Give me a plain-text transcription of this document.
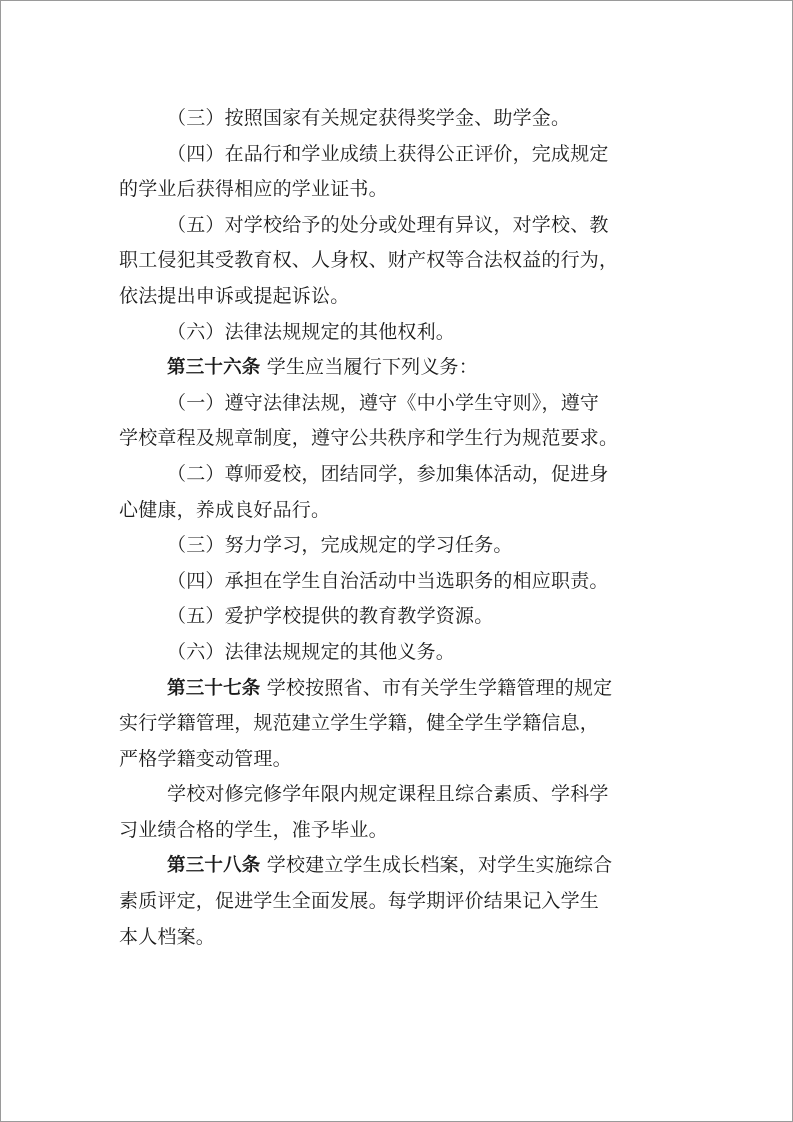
（三）按照国家有关规定获得奖学金、助学金。

（四）在品行和学业成绩上获得公正评价，完成规定

的学业后获得相应的学业证书。

（五）对学校给予的处分或处理有异议，对学校、教

职工侵犯其受教育权、人身权、财产权等合法权益的行为，

依法提出申诉或提起诉讼。

（六）法律法规规定的其他权利。

第三十六条 学生应当履行下列义务：

（一）遵守法律法规，遵守《中小学生守则》，遵守

学校章程及规章制度，遵守公共秩序和学生行为规范要求。

（二）尊师爱校，团结同学，参加集体活动，促进身

心健康，养成良好品行。

（三）努力学习，完成规定的学习任务。

（四）承担在学生自治活动中当选职务的相应职责。

（五）爱护学校提供的教育教学资源。

（六）法律法规规定的其他义务。

第三十七条 学校按照省、市有关学生学籍管理的规定

实行学籍管理，规范建立学生学籍，健全学生学籍信息，

严格学籍变动管理。

学校对修完修学年限内规定课程且综合素质、学科学

习业绩合格的学生，准予毕业。

第三十八条 学校建立学生成长档案，对学生实施综合

素质评定，促进学生全面发展。每学期评价结果记入学生

本人档案。
